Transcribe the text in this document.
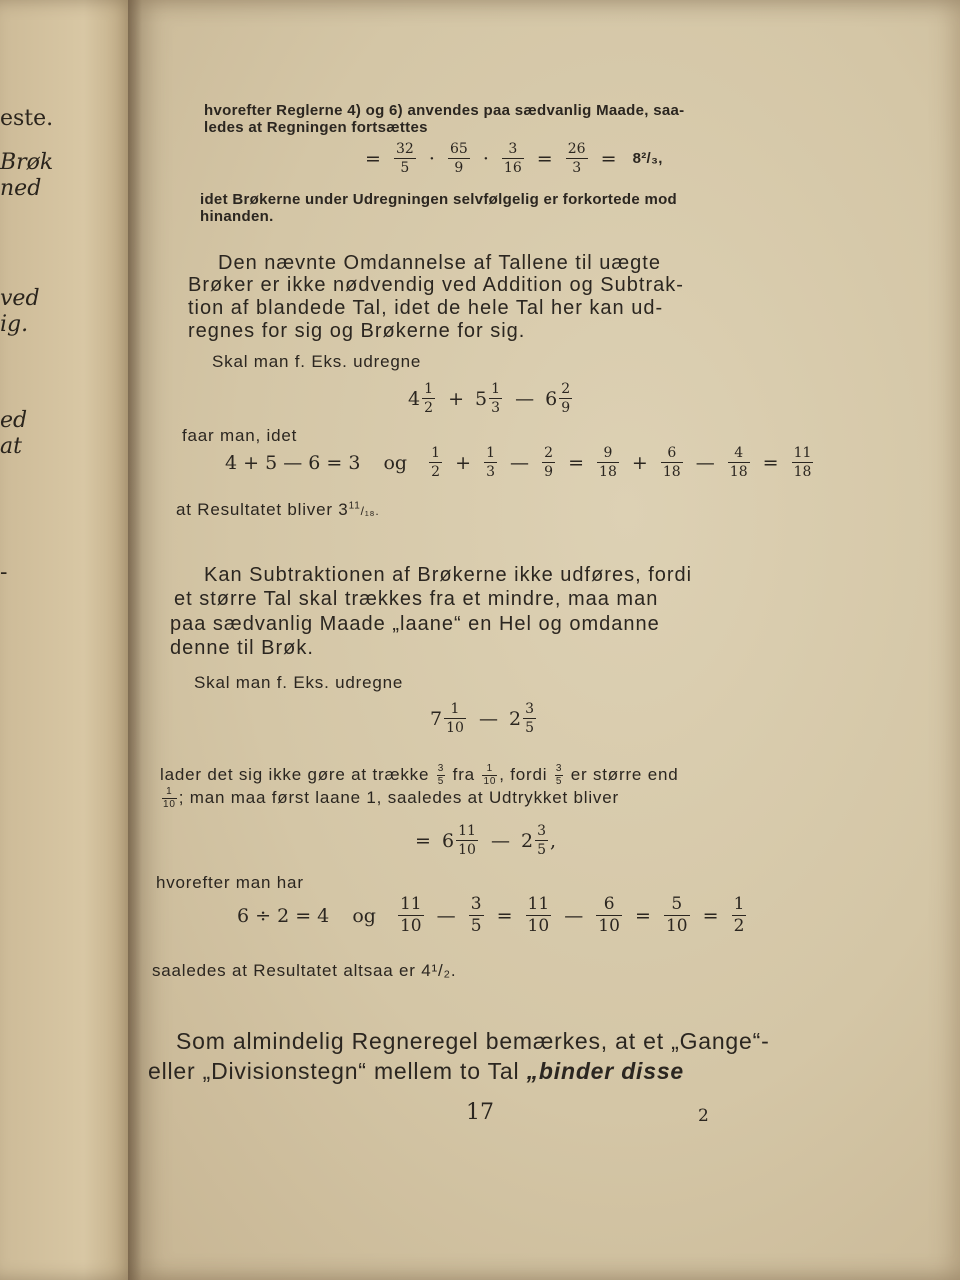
este.
Brøk
ned
ved
ig.
ed
at
-
hvorefter Reglerne 4) og 6) anvendes paa sædvanlig Maade, saa-
ledes at Regningen fortsættes
= $\frac{32}{5} \cdot \frac{65}{9} \cdot \frac{3}{16} = \frac{26}{3} = 8^2/_3$,
idet Brøkerne under Udregningen selvfølgelig er forkortede mod
hinanden.
Den nævnte Omdannelse af Tallene til uægte
Brøker er ikke nødvendig ved Addition og Subtrak-
tion af blandede Tal, idet de hele Tal her kan ud-
regnes for sig og Brøkerne for sig.
Skal man f. Eks. udregne
$4 \frac{1}{2} + 5 \frac{1}{3}$ — $6 \frac{2}{9}$
faar man, idet
4 + 5 — 6 = 3 og $\frac{1}{2} + \frac{1}{3}$ — $\frac{2}{9} = \frac{9}{18} + \frac{6}{18}$ — $\frac{4}{18} = \frac{11}{18}$
at Resultatet bliver $3^{11}/_{18}$.
Kan Subtraktionen af Brøkerne ikke udføres, fordi
et større Tal skal trækkes fra et mindre, maa man
paa sædvanlig Maade „laane“ en Hel og omdanne
denne til Brøk.
Skal man f. Eks. udregne
$7 \frac{1}{10}$ — $2 \frac{3}{5}$
lader det sig ikke gøre at trække $\frac{3}{5}$ fra $\frac{1}{10}$ , fordi $\frac{3}{5}$ er større end
$\frac{1}{10}$ ; man maa først laane 1, saaledes at Udtrykket bliver
= $6 \frac{11}{10}$ — $2 \frac{3}{5}$ ,
hvorefter man har
6 ÷ 2 = 4 og $\frac{11}{10}$ — $\frac{3}{5} = \frac{11}{10}$ — $\frac{6}{10} = \frac{5}{10} = \frac{1}{2}$
saaledes at Resultatet altsaa er 4¹/₂.
Som almindelig Regneregel bemærkes, at et „Gange“-
eller „Divisionstegn“ mellem to Tal „binder disse
17	2
